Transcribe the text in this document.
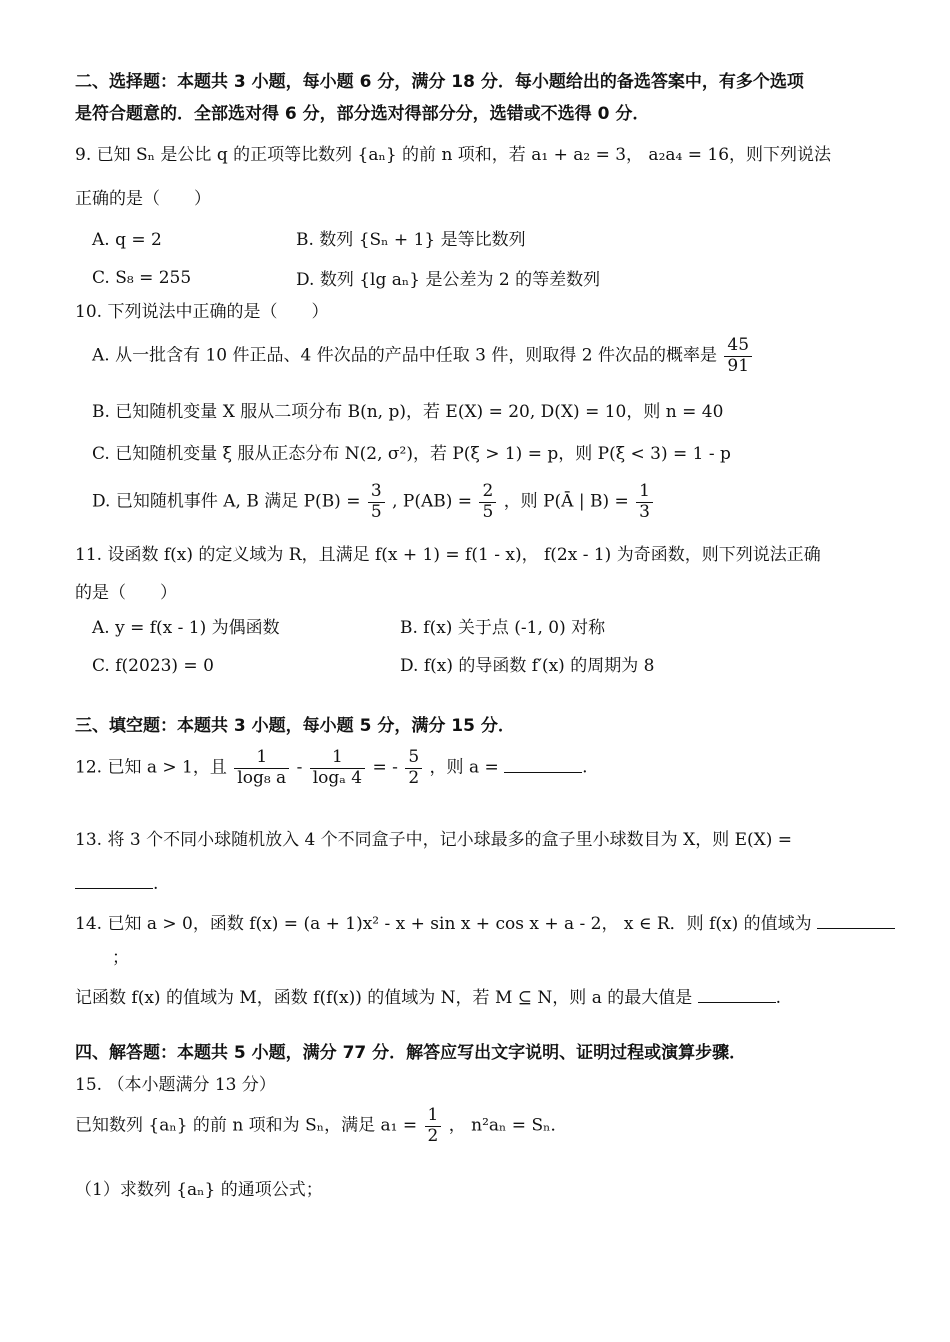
二、选择题：本题共 3 小题，每小题 6 分，满分 18 分．每小题给出的备选答案中，有多个选项
是符合题意的．全部选对得 6 分，部分选对得部分分，选错或不选得 0 分．
9. 已知 Sₙ 是公比 q 的正项等比数列 {aₙ} 的前 n 项和，若 a₁ + a₂ = 3， a₂a₄ = 16，则下列说法
正确的是（　　）
A. q = 2	B. 数列 {Sₙ + 1} 是等比数列
C. S₈ = 255	D. 数列 {lg aₙ} 是公差为 2 的等差数列
10. 下列说法中正确的是（　　）
A. 从一批含有 10 件正品、4 件次品的产品中任取 3 件，则取得 2 件次品的概率是 $\frac{45}{91}$
B. 已知随机变量 X 服从二项分布 B(n, p)，若 E(X) = 20, D(X) = 10，则 n = 40
C. 已知随机变量 ξ 服从正态分布 N(2, σ²)，若 P(ξ > 1) = p，则 P(ξ < 3) = 1 - p
D. 已知随机事件 A, B 满足 $P(B) = \frac{3}{5}$ , $P(AB) = \frac{2}{5}$ ，则 P(Ā | $B) = \frac{1}{3}$
11. 设函数 f(x) 的定义域为 R，且满足 f(x + 1) = f(1 - x)， f(2x - 1) 为奇函数，则下列说法正确
的是（　　）
A. y = f(x - 1) 为偶函数	B. f(x) 关于点 (-1, 0) 对称
C. f(2023) = 0	D. f(x) 的导函数 f′(x) 的周期为 8
三、填空题：本题共 3 小题，每小题 5 分，满分 15 分．
12. 已知 a > 1，且 $\frac{1}{\text{log₈ a}} - \frac{1}{\text{logₐ 4}}$ = - $\frac{5}{2}$ ，则 a =	.
13. 将 3 个不同小球随机放入 4 个不同盒子中，记小球最多的盒子里小球数目为 X，则 E(X) =
.
14. 已知 a > 0，函数 f(x) = (a + 1)x² - x + sin x + cos x + a - 2， x ∈ R．则 f(x) 的值域为
；
记函数 f(x) 的值域为 M，函数 f(f(x)) 的值域为 N，若 M ⊆ N，则 a 的最大值是	.
四、解答题：本题共 5 小题，满分 77 分．解答应写出文字说明、证明过程或演算步骤．
15. （本小题满分 13 分）
已知数列 {aₙ} 的前 n 项和为 Sₙ，满足 $a_1 = \frac{1}{2}$ ， n²aₙ = Sₙ．
（1）求数列 {aₙ} 的通项公式；
